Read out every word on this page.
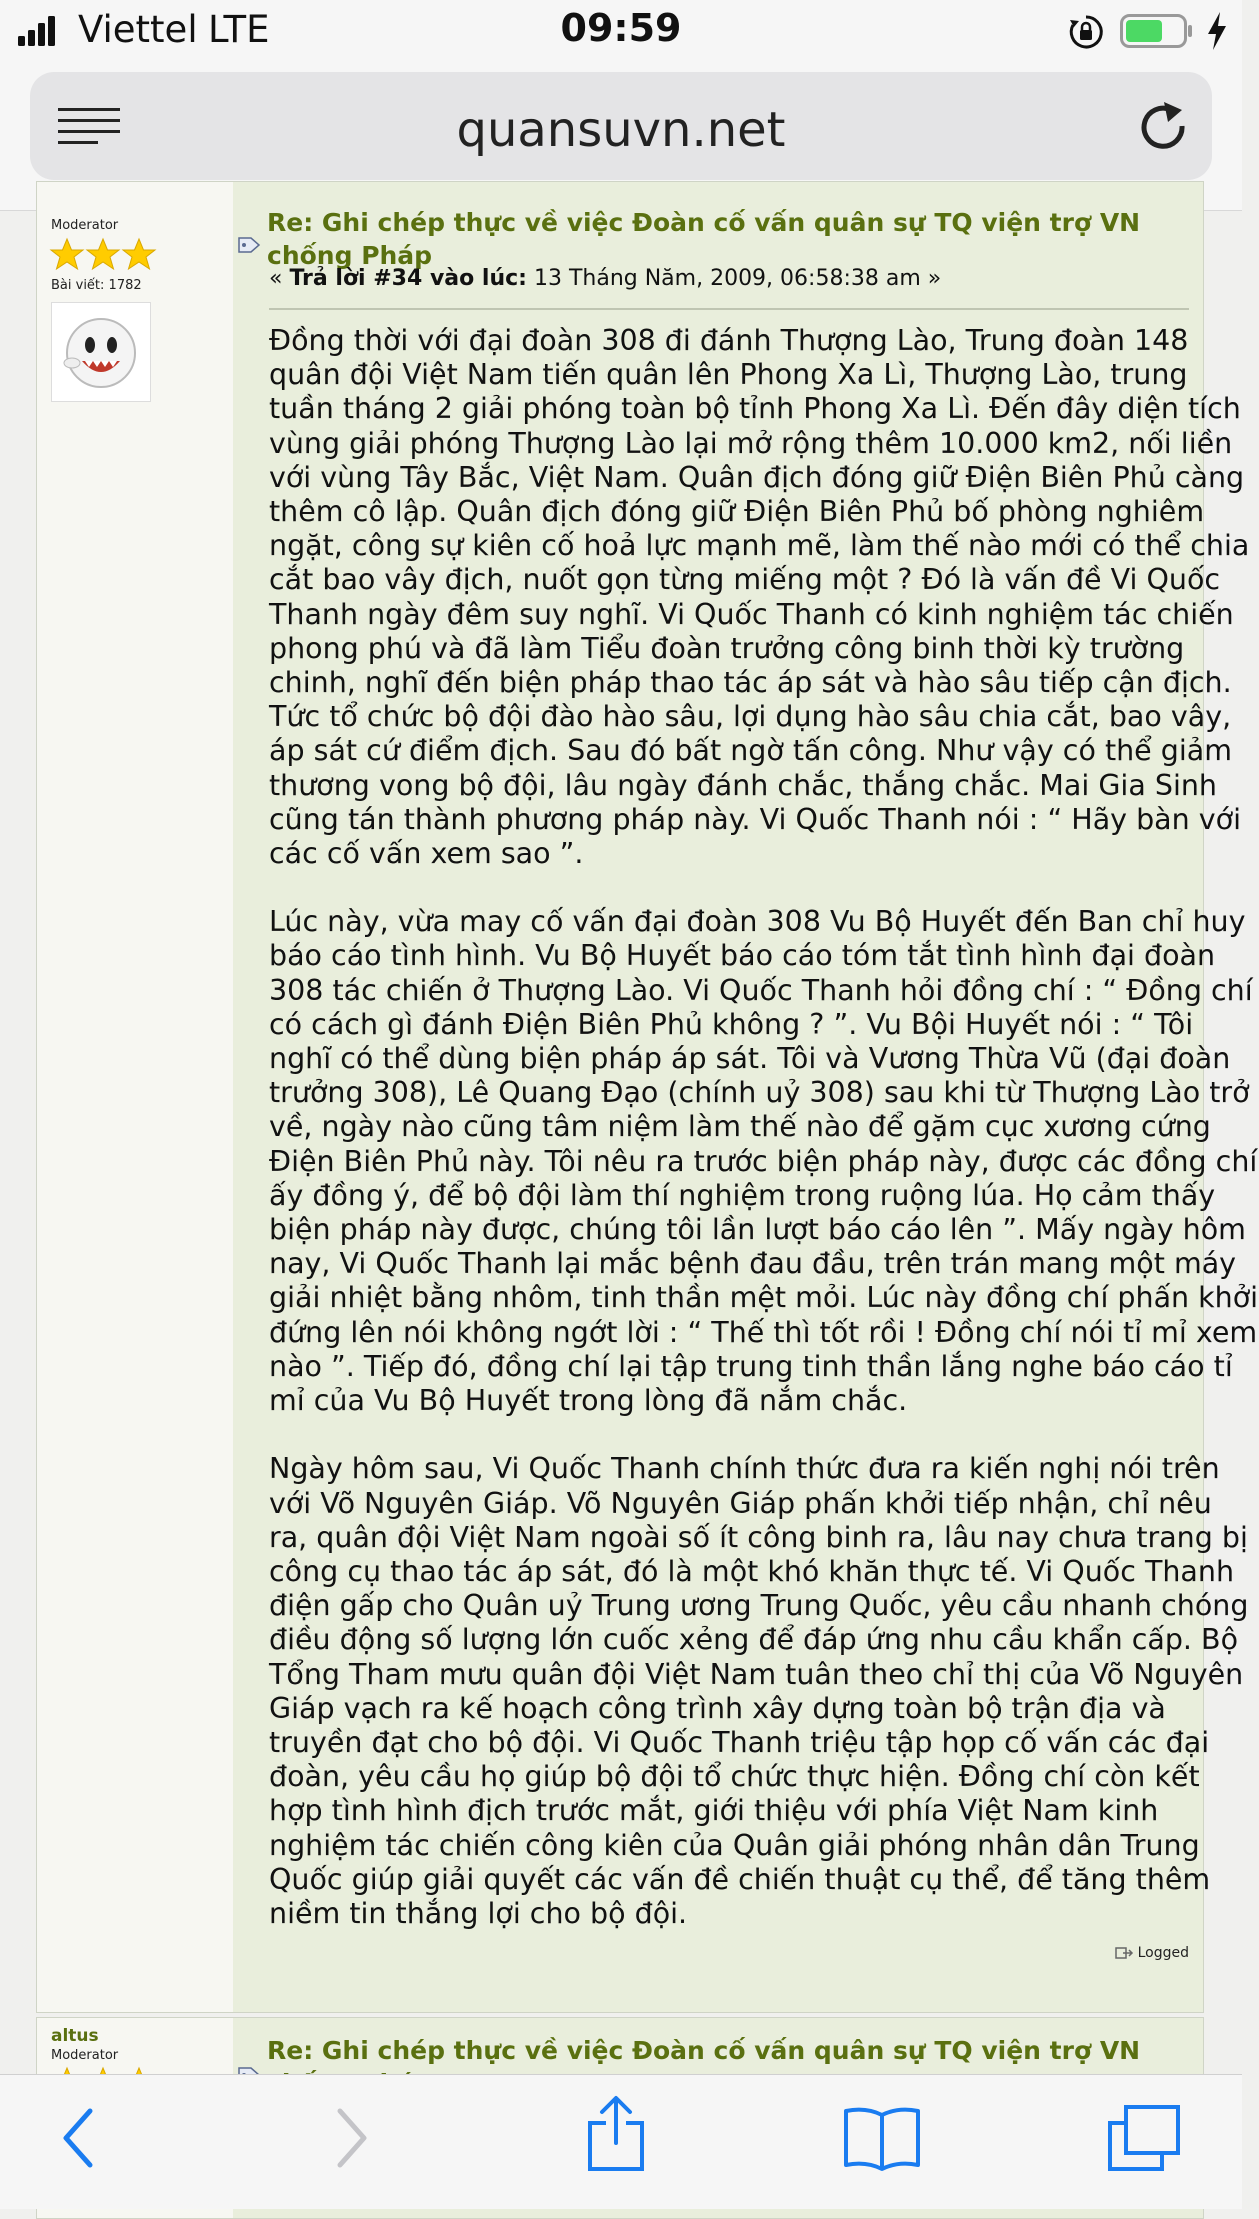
Viettel LTE	09:59
quansuvn.net
Moderator
Bài viết: 1782
Re: Ghi chép thực về việc Đoàn cố vấn quân sự TQ viện trợ VN chống Pháp
« Trả lời #34 vào lúc: 13 Tháng Năm, 2009, 06:58:38 am »

Đồng thời với đại đoàn 308 đi đánh Thượng Lào, Trung đoàn 148 quân đội Việt Nam tiến quân lên Phong Xa Lì, Thượng Lào, trung tuần tháng 2 giải phóng toàn bộ tỉnh Phong Xa Lì. Đến đây diện tích vùng giải phóng Thượng Lào lại mở rộng thêm 10.000 km2, nối liền với vùng Tây Bắc, Việt Nam. Quân địch đóng giữ Điện Biên Phủ càng thêm cô lập. Quân địch đóng giữ Điện Biên Phủ bố phòng nghiêm ngặt, công sự kiên cố hoả lực mạnh mẽ, làm thế nào mới có thể chia cắt bao vây địch, nuốt gọn từng miếng một ? Đó là vấn đề Vi Quốc Thanh ngày đêm suy nghĩ. Vi Quốc Thanh có kinh nghiệm tác chiến phong phú và đã làm Tiểu đoàn trưởng công binh thời kỳ trường chinh, nghĩ đến biện pháp thao tác áp sát và hào sâu tiếp cận địch. Tức tổ chức bộ đội đào hào sâu, lợi dụng hào sâu chia cắt, bao vây, áp sát cứ điểm địch. Sau đó bất ngờ tấn công. Như vậy có thể giảm thương vong bộ đội, lâu ngày đánh chắc, thắng chắc. Mai Gia Sinh cũng tán thành phương pháp này. Vi Quốc Thanh nói : “ Hãy bàn với các cố vấn xem sao ”.

Lúc này, vừa may cố vấn đại đoàn 308 Vu Bộ Huyết đến Ban chỉ huy báo cáo tình hình. Vu Bộ Huyết báo cáo tóm tắt tình hình đại đoàn 308 tác chiến ở Thượng Lào. Vi Quốc Thanh hỏi đồng chí : “ Đồng chí có cách gì đánh Điện Biên Phủ không ? ”. Vu Bội Huyết nói : “ Tôi nghĩ có thể dùng biện pháp áp sát. Tôi và Vương Thừa Vũ (đại đoàn trưởng 308), Lê Quang Đạo (chính uỷ 308) sau khi từ Thượng Lào trở về, ngày nào cũng tâm niệm làm thế nào để gặm cục xương cứng Điện Biên Phủ này. Tôi nêu ra trước biện pháp này, được các đồng chí ấy đồng ý, để bộ đội làm thí nghiệm trong ruộng lúa. Họ cảm thấy biện pháp này được, chúng tôi lần lượt báo cáo lên ”. Mấy ngày hôm nay, Vi Quốc Thanh lại mắc bệnh đau đầu, trên trán mang một máy giải nhiệt bằng nhôm, tinh thần mệt mỏi. Lúc này đồng chí phấn khởi đứng lên nói không ngớt lời : “ Thế thì tốt rồi ! Đồng chí nói tỉ mỉ xem nào ”. Tiếp đó, đồng chí lại tập trung tinh thần lắng nghe báo cáo tỉ mỉ của Vu Bộ Huyết trong lòng đã nắm chắc.

Ngày hôm sau, Vi Quốc Thanh chính thức đưa ra kiến nghị nói trên với Võ Nguyên Giáp. Võ Nguyên Giáp phấn khởi tiếp nhận, chỉ nêu ra, quân đội Việt Nam ngoài số ít công binh ra, lâu nay chưa trang bị công cụ thao tác áp sát, đó là một khó khăn thực tế. Vi Quốc Thanh điện gấp cho Quân uỷ Trung ương Trung Quốc, yêu cầu nhanh chóng điều động số lượng lớn cuốc xẻng để đáp ứng nhu cầu khẩn cấp. Bộ Tổng Tham mưu quân đội Việt Nam tuân theo chỉ thị của Võ Nguyên Giáp vạch ra kế hoạch công trình xây dựng toàn bộ trận địa và truyền đạt cho bộ đội. Vi Quốc Thanh triệu tập họp cố vấn các đại đoàn, yêu cầu họ giúp bộ đội tổ chức thực hiện. Đồng chí còn kết hợp tình hình địch trước mắt, giới thiệu với phía Việt Nam kinh nghiệm tác chiến công kiên của Quân giải phóng nhân dân Trung Quốc giúp giải quyết các vấn đề chiến thuật cụ thể, để tăng thêm niềm tin thắng lợi cho bộ đội.

Logged
altus
Moderator	Re: Ghi chép thực về việc Đoàn cố vấn quân sự TQ viện trợ VN
